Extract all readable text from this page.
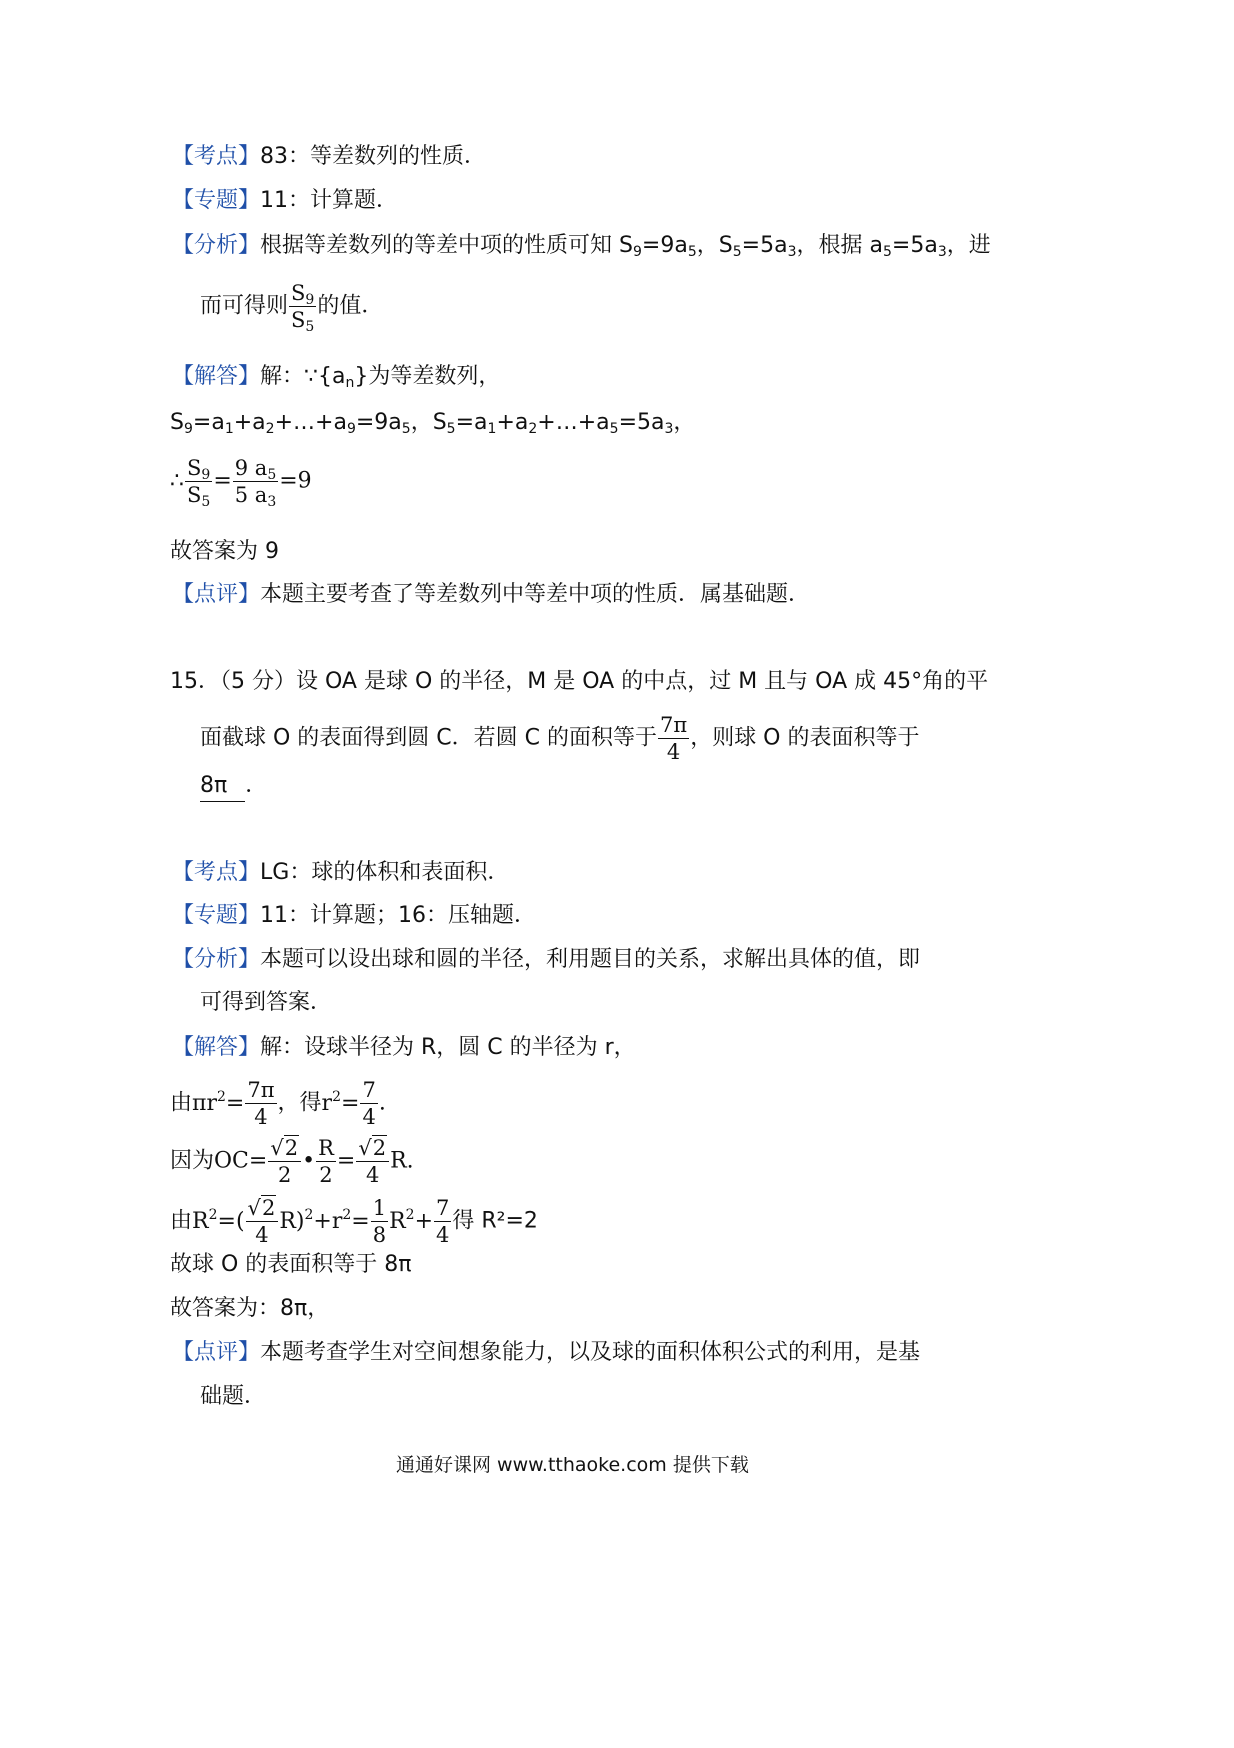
【考点】83：等差数列的性质．
【专题】11：计算题．
【分析】根据等差数列的等差中项的性质可知 $S_9=9a_5$，$S_5=5a_3$，根据 $a_5=5a_3$，进
而可得则 $\frac{S_9}{S_5}$ 的值．
【解答】解：$\because\{a_n\}$为等差数列，
$S_9=a_1+a_2+\dots+a_9=9a_5$，$S_5=a_1+a_2+\dots+a_5=5a_3$，
∴ $\frac{S_9}{S_5} = \frac{9 a_5}{5 a_3} =9$
故答案为 9
【点评】本题主要考查了等差数列中等差中项的性质．属基础题．
15．（5 分）设 OA 是球 O 的半径，M 是 OA 的中点，过 M 且与 OA 成 45°角的平
面截球 O 的表面得到圆 C．若圆 C 的面积等于 $\frac{7\pi}{4}$ ，则球 O 的表面积等于
8π ．
【考点】LG：球的体积和表面积．
【专题】11：计算题；16：压轴题．
【分析】本题可以设出球和圆的半径，利用题目的关系，求解出具体的值，即
可得到答案．
【解答】解：设球半径为 R，圆 C 的半径为 r，
由$\pi r^2= \frac{7\pi}{4}$ ，得$r^2= \frac{7}{4}$ .
因为$OC= \frac{√2}{2}$ • $\frac{R}{2} = \frac{√2}{4} R$.
由$R^2=( \frac{√2}{4} R)^2+r^2= \frac{1}{8} R^2+ \frac{7}{4}$ 得 R²=2
故球 O 的表面积等于 8π
故答案为：8π，
【点评】本题考查学生对空间想象能力，以及球的面积体积公式的利用，是基
础题．
通通好课网 www.tthaoke.com 提供下载
